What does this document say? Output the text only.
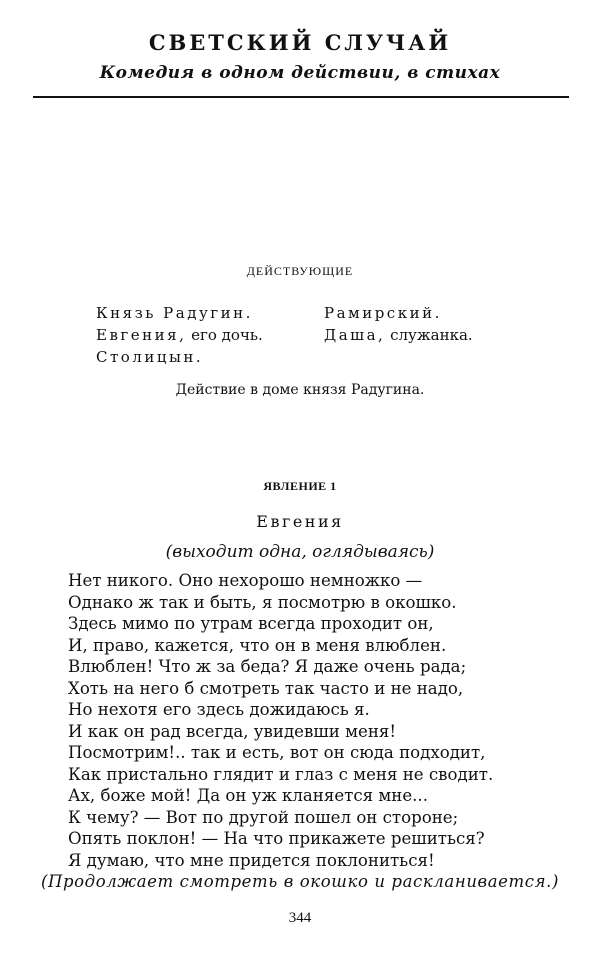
СВЕТСКИЙ СЛУЧАЙ
Комедия в одном действии, в стихах
ДЕЙСТВУЮЩИЕ
Князь Радугин.
Евгения, его дочь.
Столицын.
Рамирский.
Даша, служанка.
Действие в доме князя Радугина.
ЯВЛЕНИЕ 1
Евгения
(выходит одна, оглядываясь)
Нет никого. Оно нехорошо немножко —
Однако ж так и быть, я посмотрю в окошко.
Здесь мимо по утрам всегда проходит он,
И, право, кажется, что он в меня влюблен.
Влюблен! Что ж за беда? Я даже очень рада;
Хоть на него б смотреть так часто и не надо,
Но нехотя его здесь дожидаюсь я.
И как он рад всегда, увидевши меня!
Посмотрим!.. так и есть, вот он сюда подходит,
Как пристально глядит и глаз с меня не сводит.
Ах, боже мой! Да он уж кланяется мне...
К чему? — Вот по другой пошел он стороне;
Опять поклон! — На что прикажете решиться?
Я думаю, что мне придется поклониться!
(Продолжает смотреть в окошко и раскланивается.)
344
